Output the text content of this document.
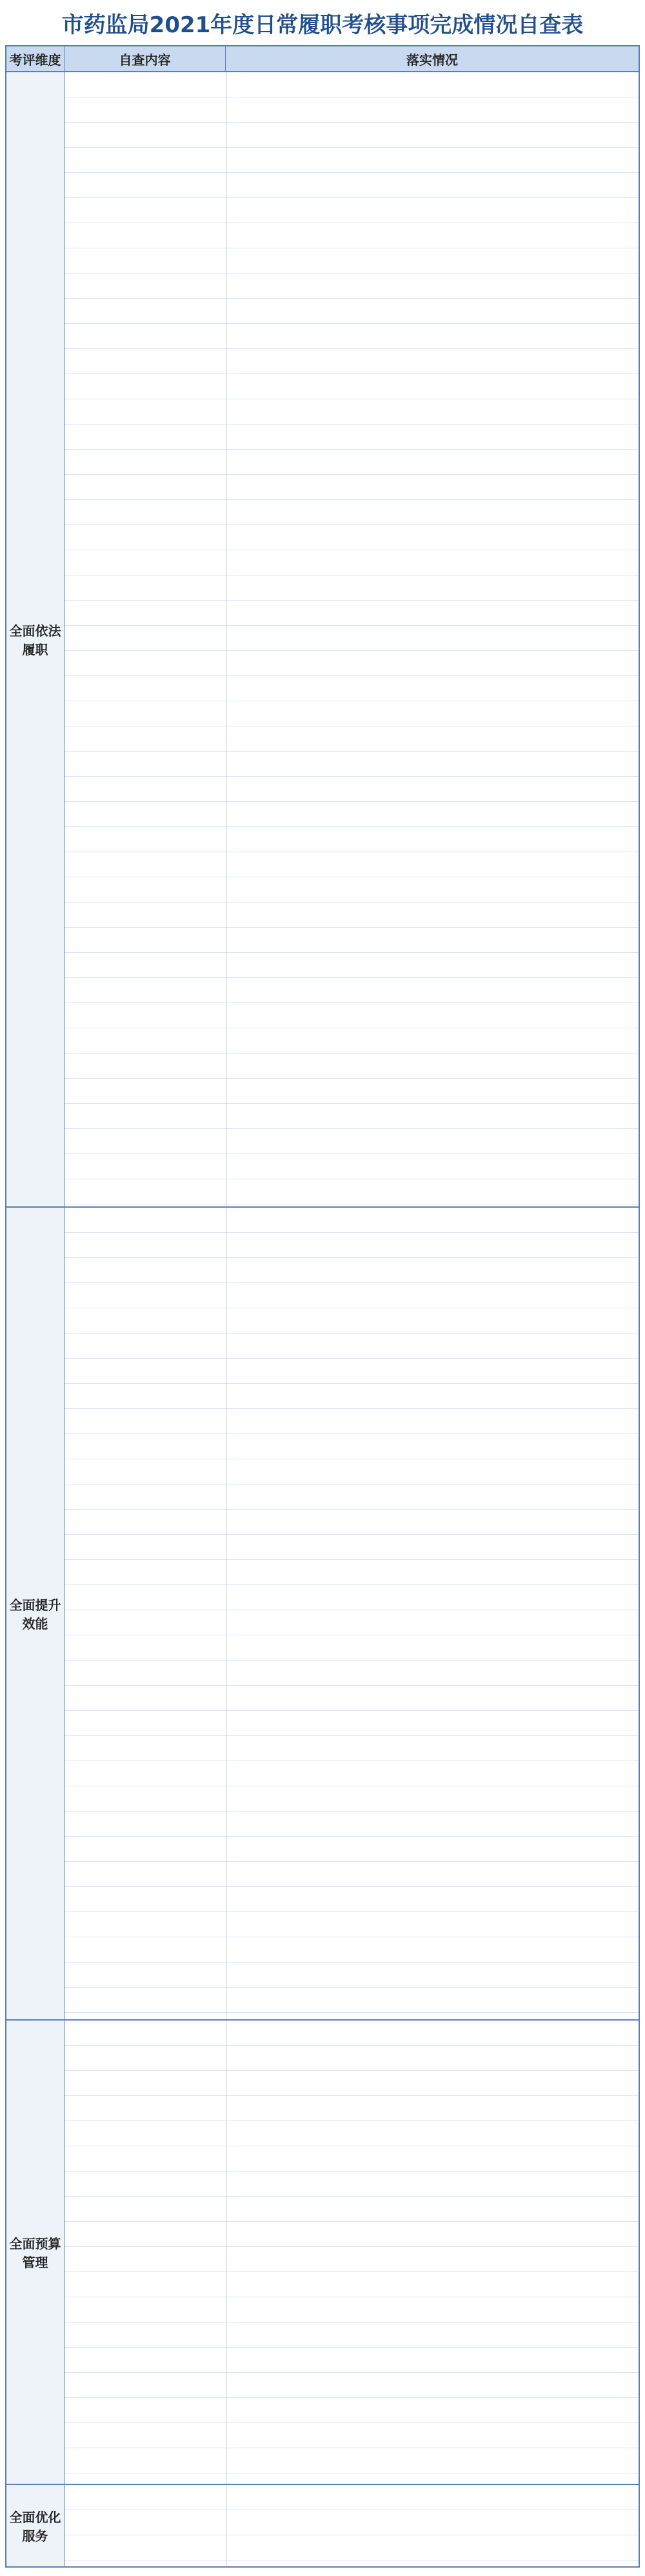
市药监局2021年度日常履职考核事项完成情况自查表
考评维度	自查内容	落实情况
全面依法履职
全面提升效能
全面预算管理
全面优化服务
